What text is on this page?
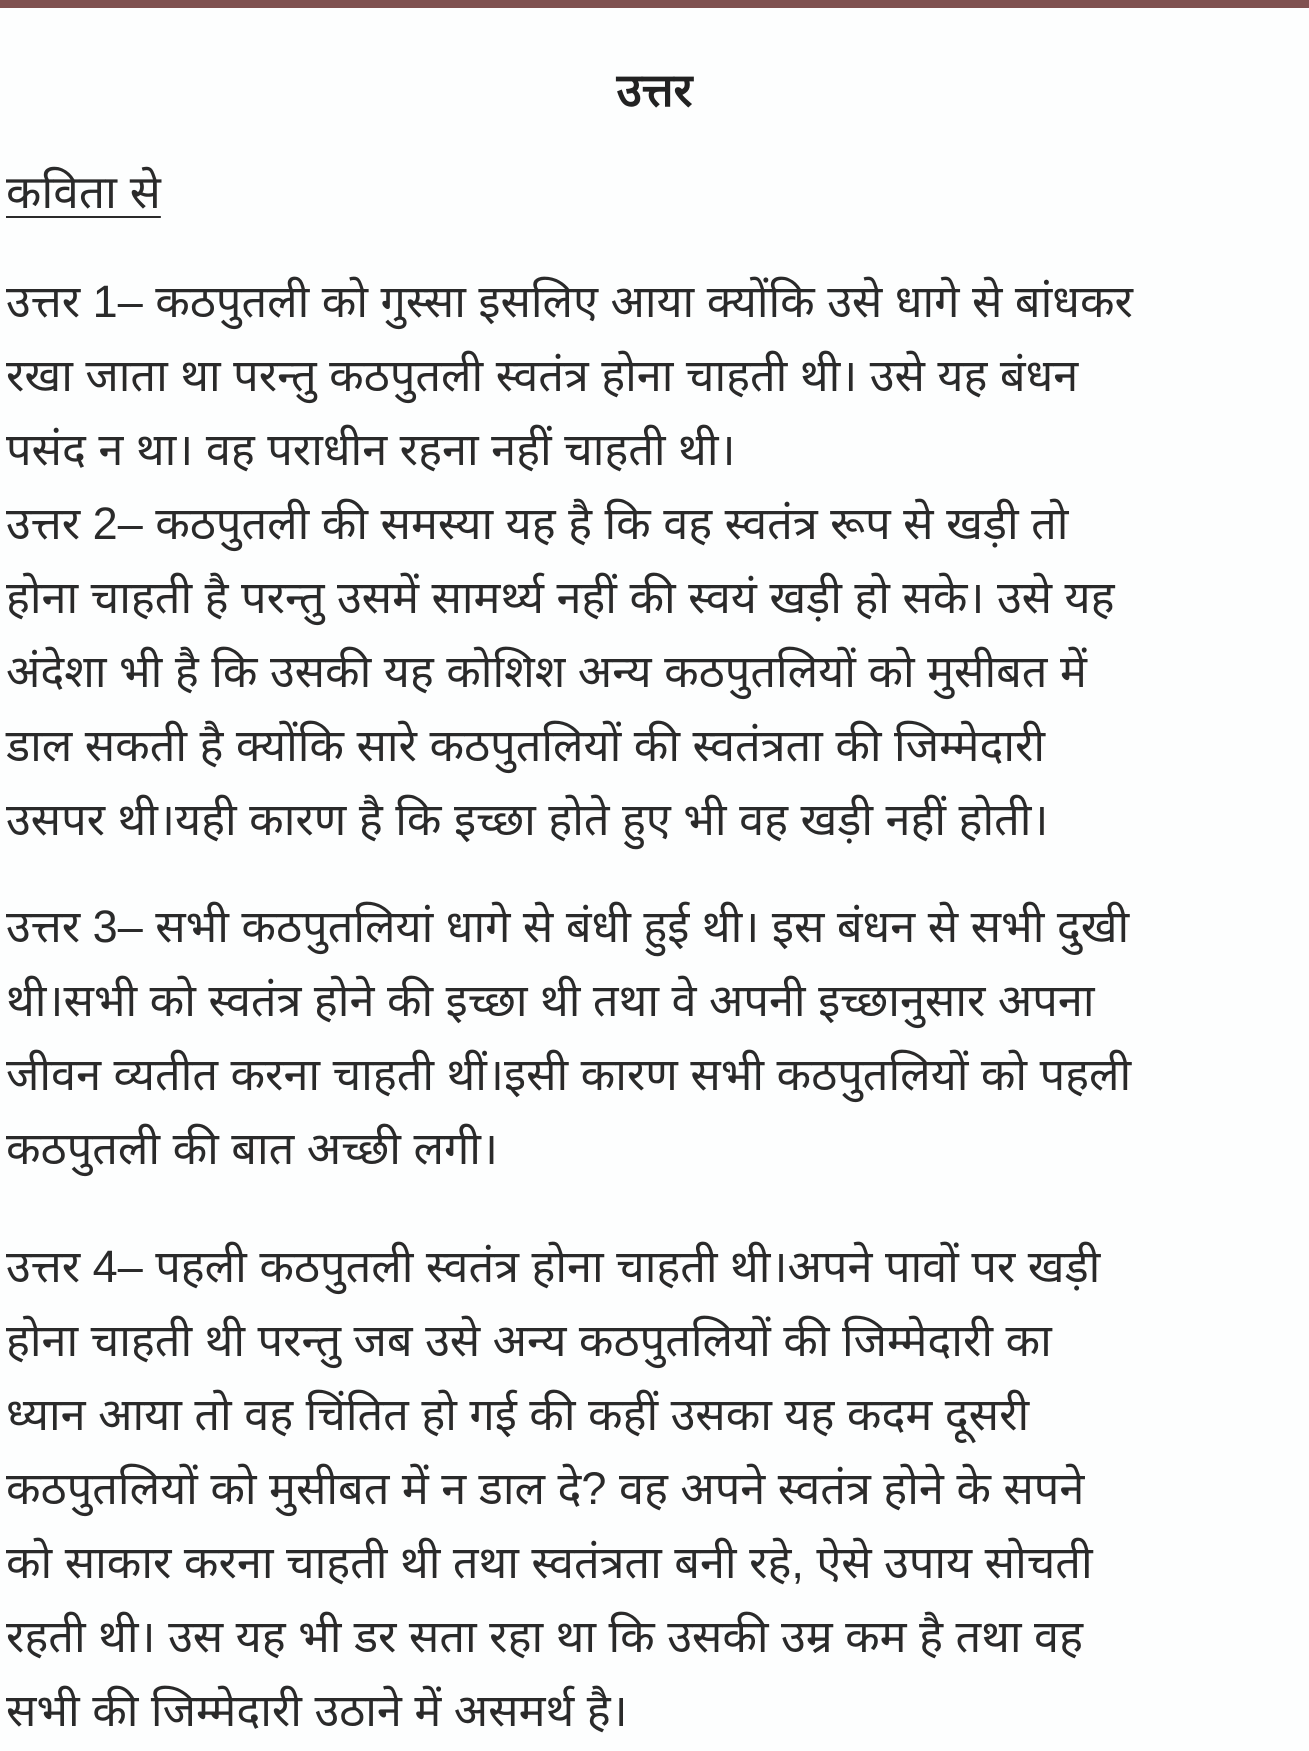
उत्तर
कविता से
उत्तर 1– कठपुतली को गुस्सा इसलिए आया क्योंकि उसे धागे से बांधकर
रखा जाता था परन्तु कठपुतली स्वतंत्र होना चाहती थी। उसे यह बंधन
पसंद न था। वह पराधीन रहना नहीं चाहती थी।
उत्तर 2– कठपुतली की समस्या यह है कि वह स्वतंत्र रूप से खड़ी तो
होना चाहती है परन्तु उसमें सामर्थ्य नहीं की स्वयं खड़ी हो सके। उसे यह
अंदेशा भी है कि उसकी यह कोशिश अन्य कठपुतलियों को मुसीबत में
डाल सकती है क्योंकि सारे कठपुतलियों की स्वतंत्रता की जिम्मेदारी
उसपर थी।यही कारण है कि इच्छा होते हुए भी वह खड़ी नहीं होती।
उत्तर 3– सभी कठपुतलियां धागे से बंधी हुई थी। इस बंधन से सभी दुखी
थी।सभी को स्वतंत्र होने की इच्छा थी तथा वे अपनी इच्छानुसार अपना
जीवन व्यतीत करना चाहती थीं।इसी कारण सभी कठपुतलियों को पहली
कठपुतली की बात अच्छी लगी।
उत्तर 4– पहली कठपुतली स्वतंत्र होना चाहती थी।अपने पावों पर खड़ी
होना चाहती थी परन्तु जब उसे अन्य कठपुतलियों की जिम्मेदारी का
ध्यान आया तो वह चिंतित हो गई की कहीं उसका यह कदम दूसरी
कठपुतलियों को मुसीबत में न डाल दे? वह अपने स्वतंत्र होने के सपने
को साकार करना चाहती थी तथा स्वतंत्रता बनी रहे, ऐसे उपाय सोचती
रहती थी। उस यह भी डर सता रहा था कि उसकी उम्र कम है तथा वह
सभी की जिम्मेदारी उठाने में असमर्थ है।
